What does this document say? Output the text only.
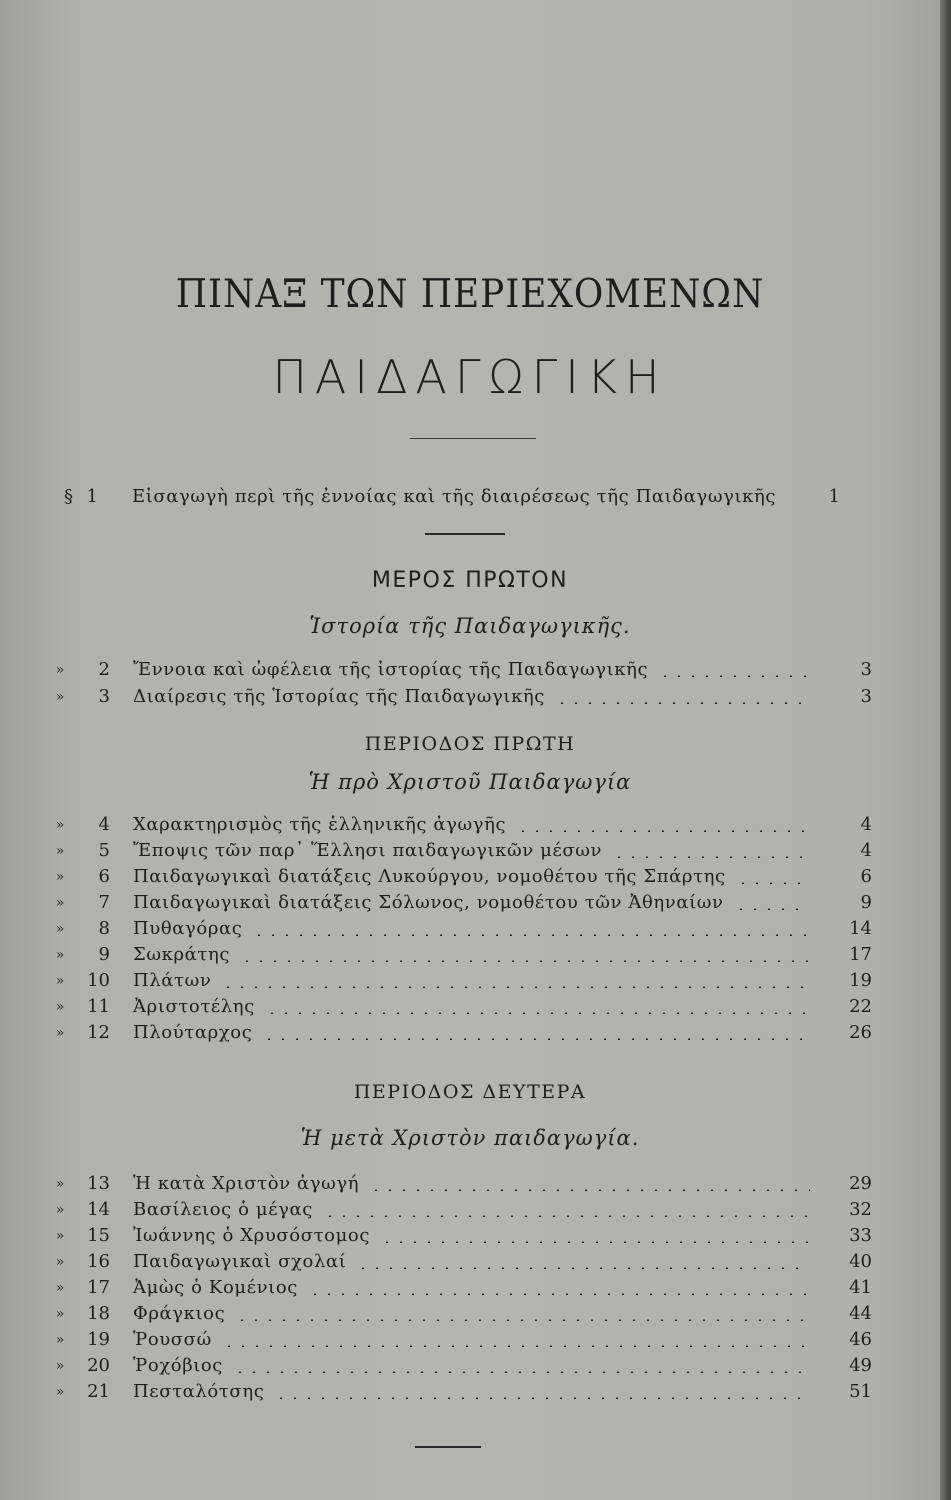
ΠΙΝΑΞ ΤΩΝ ΠΕΡΙΕΧΟΜΕΝΩΝ
ΠΑΙΔΑΓΩΓΙΚΗ
§ 1 Εἰσαγωγὴ περὶ τῆς ἐννοίας καὶ τῆς διαιρέσεως τῆς Παιδαγωγικῆς	1
ΜΕΡΟΣ ΠΡΩΤΟΝ
Ἱστορία τῆς Παιδαγωγικῆς.
»	2 Ἔννοια καὶ ὠφέλεια τῆς ἱστορίας τῆς Παιδαγωγικῆς	3
»	3 Διαίρεσις τῆς Ἱστορίας τῆς Παιδαγωγικῆς	3
ΠΕΡΙΟΔΟΣ ΠΡΩΤΗ
Ἡ πρὸ Χριστοῦ Παιδαγωγία
»	4 Χαρακτηρισμὸς τῆς ἑλληνικῆς ἀγωγῆς	4
»	5 Ἔποψις τῶν παρ᾽ Ἕλλησι παιδαγωγικῶν μέσων	4
»	6 Παιδαγωγικαὶ διατάξεις Λυκούργου, νομοθέτου τῆς Σπάρτης	6
»	7 Παιδαγωγικαὶ διατάξεις Σόλωνος, νομοθέτου τῶν Ἀθηναίων	9
»	8 Πυθαγόρας	14
»	9 Σωκράτης	17
»	10 Πλάτων	19
»	11 Ἀριστοτέλης	22
»	12 Πλούταρχος	26
ΠΕΡΙΟΔΟΣ ΔΕΥΤΕΡΑ
Ἡ μετὰ Χριστὸν παιδαγωγία.
»	13 Ἡ κατὰ Χριστὸν ἀγωγή	29
»	14 Βασίλειος ὁ μέγας	32
»	15 Ἰωάννης ὁ Χρυσόστομος	33
»	16 Παιδαγωγικαὶ σχολαί	40
»	17 Ἀμὼς ὁ Κομένιος	41
»	18 Φράγκιος	44
»	19 Ῥουσσώ	46
»	20 Ῥοχόβιος	49
»	21 Πεσταλότσης	51
